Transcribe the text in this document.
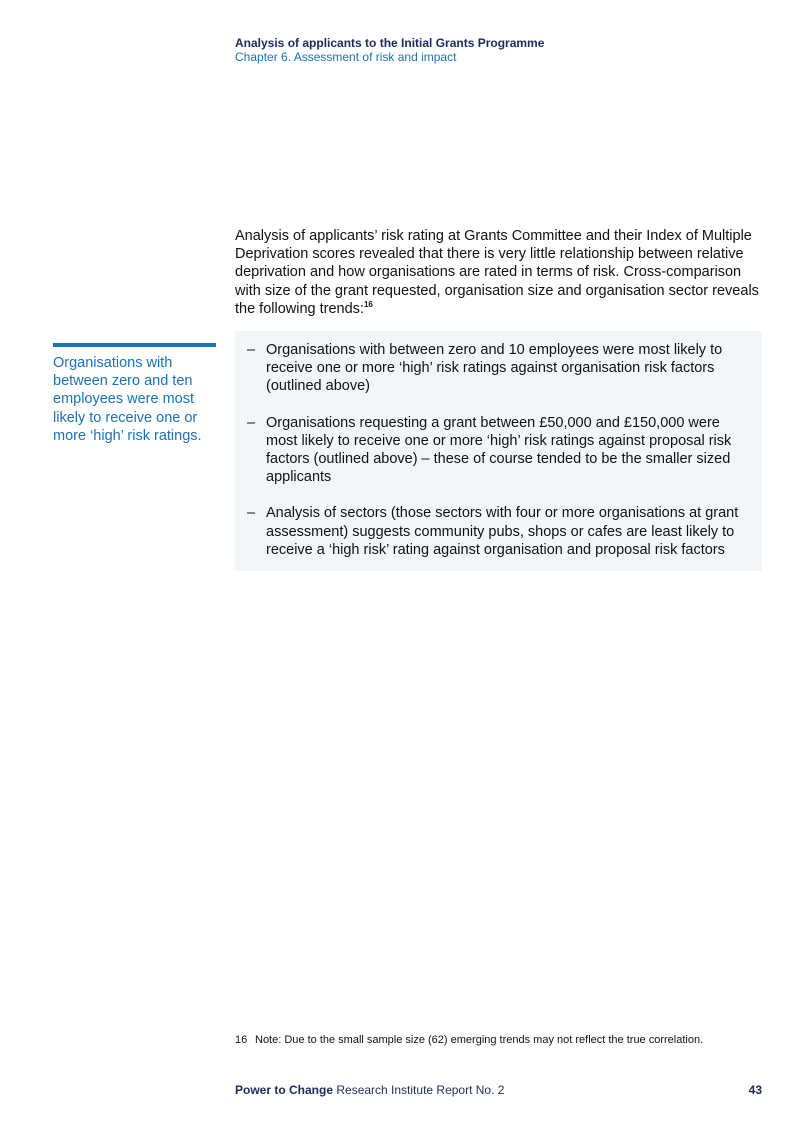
Analysis of applicants to the Initial Grants Programme
Chapter 6. Assessment of risk and impact
Analysis of applicants’ risk rating at Grants Committee and their Index of Multiple Deprivation scores revealed that there is very little relationship between relative deprivation and how organisations are rated in terms of risk. Cross-comparison with size of the grant requested, organisation size and organisation sector reveals the following trends:$^{16}$
Organisations with between zero and ten employees were most likely to receive one or more ‘high’ risk ratings.
– Organisations with between zero and 10 employees were most likely to receive one or more ‘high’ risk ratings against organisation risk factors (outlined above)
– Organisations requesting a grant between £50,000 and £150,000 were most likely to receive one or more ‘high’ risk ratings against proposal risk factors (outlined above) – these of course tended to be the smaller sized applicants
– Analysis of sectors (those sectors with four or more organisations at grant assessment) suggests community pubs, shops or cafes are least likely to receive a ‘high risk’ rating against organisation and proposal risk factors
16 Note: Due to the small sample size (62) emerging trends may not reflect the true correlation.
Power to Change Research Institute Report No. 2	43
